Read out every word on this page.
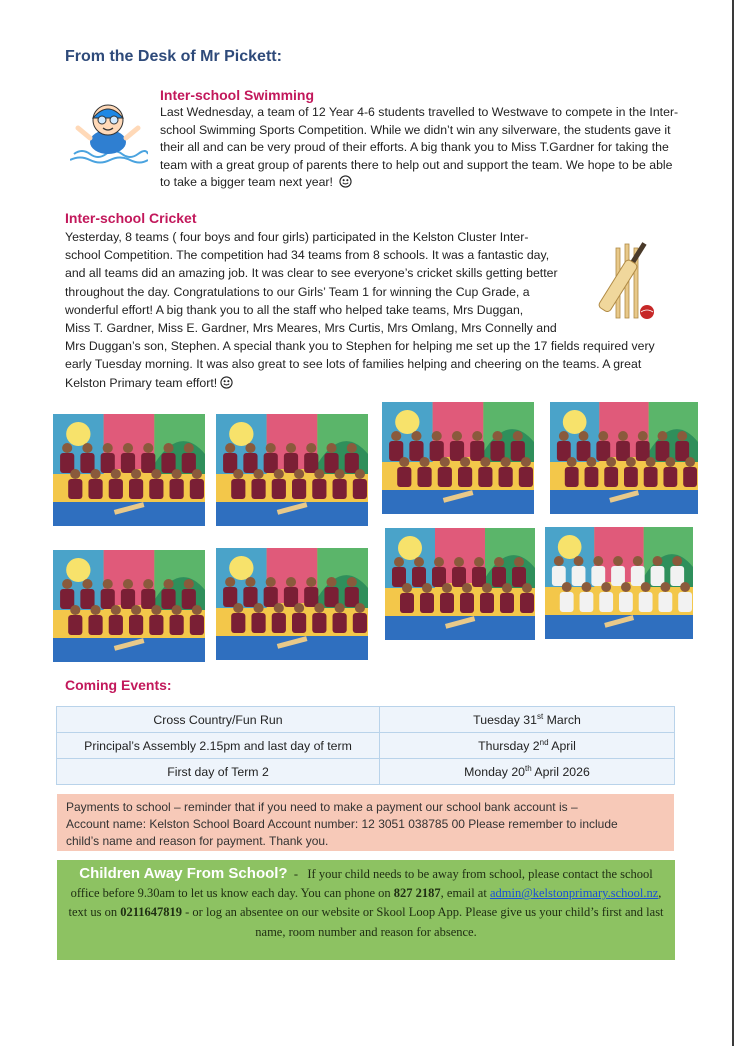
From the Desk of Mr Pickett:
Inter-school Swimming
Last Wednesday, a team of 12 Year 4-6 students travelled to Westwave to compete in the Inter-school Swimming Sports Competition. While we didn’t win any silverware, the students gave it their all and can be very proud of their efforts. A big thank you to Miss T.Gardner for taking the team with a great group of parents there to help out and support the team. We hope to be able to take a bigger team next year!
Inter-school Cricket
Yesterday, 8 teams ( four boys and four girls) participated in the Kelston Cluster Inter-
school Competition. The competition had 34 teams from 8 schools. It was a fantastic day,
and all teams did an amazing job. It was clear to see everyone’s cricket skills getting better
throughout the day. Congratulations to our Girls’ Team 1 for winning the Cup Grade, a
wonderful effort! A big thank you to all the staff who helped take teams, Mrs Duggan,
Miss T. Gardner, Miss E. Gardner, Mrs Meares, Mrs Curtis, Mrs Omlang, Mrs Connelly and
Mrs Duggan’s son, Stephen. A special thank you to Stephen for helping me set up the 17 fields required very
early Tuesday morning. It was also great to see lots of families helping and cheering on the teams. A great
Kelston Primary team effort!
Coming Events:
Cross Country/Fun Run	Tuesday 31st March
Principal’s Assembly 2.15pm and last day of term	Thursday 2nd April
First day of Term 2	Monday 20th April 2026
Payments to school – reminder that if you need to make a payment our school bank account is –
Account name: Kelston School Board Account number: 12 3051 038785 00 Please remember to include
child’s name and reason for payment. Thank you.
Children Away From School?  -   If your child needs to be away from school, please contact the school office before 9.30am to let us know each day. You can phone on 827 2187, email at admin@kelstonprimary.school.nz, text us on 0211647819 - or log an absentee on our website or Skool Loop App. Please give us your child’s first and last name, room number and reason for absence.
